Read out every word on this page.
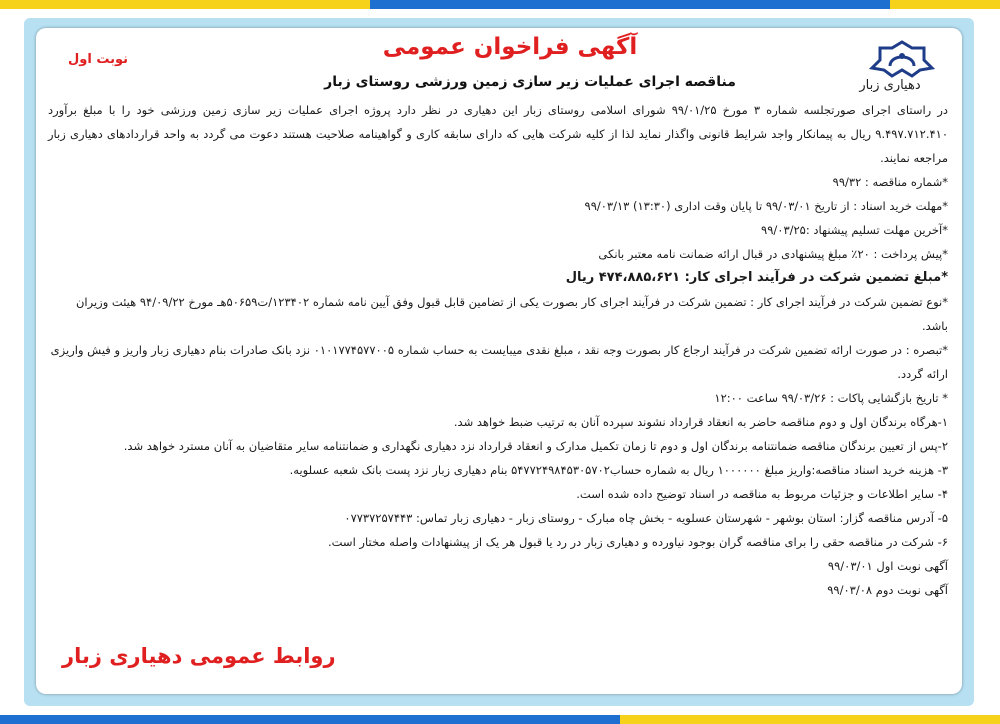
دهیاری زبار
آگهی فراخوان عمومی
نوبت اول
مناقصه اجرای عملیات زیر سازی زمین ورزشی روستای زبار

در راستای اجرای صورتجلسه شماره ۳ مورخ ۹۹/۰۱/۲۵ شورای اسلامی روستای زبار این دهیاری در نظر دارد پروژه اجرای عملیات زیر سازی زمین ورزشی خود را با مبلغ برآورد ۹.۴۹۷.۷۱۲.۴۱۰ ریال به پیمانکار واجد شرایط قانونی واگذار نماید لذا از کلیه شرکت هایی که دارای سابقه کاری و گواهینامه صلاحیت هستند دعوت می گردد به واحد قراردادهای دهیاری زبار مراجعه نمایند.

*شماره مناقصه : ۹۹/۳۲

*مهلت خرید اسناد : از تاریخ ۹۹/۰۳/۰۱ تا پایان وقت اداری (۱۳:۳۰) ۹۹/۰۳/۱۳

*آخرین مهلت تسلیم پیشنهاد :۹۹/۰۳/۲۵

*پیش پرداخت : ۲۰٪ مبلغ پیشنهادی در قبال ارائه ضمانت نامه معتبر بانکی

*مبلغ تضمین شرکت در فرآیند اجرای کار: ۴۷۴،۸۸۵،۶۲۱ ریال

*نوع تضمین شرکت در فرآیند اجرای کار : تضمین شرکت در فرآیند اجرای کار بصورت یکی از تضامین قابل قبول وفق آیین نامه شماره ۱۲۳۴۰۲/ت۵۰۶۵۹هـ مورخ ۹۴/۰۹/۲۲ هیئت وزیران باشد.

*تبصره : در صورت ارائه تضمین شرکت در فرآیند ارجاع کار بصورت وجه نقد ، مبلغ نقدی میبایست به حساب شماره ۰۱۰۱۷۷۴۵۷۷۰۰۵ نزد بانک صادرات بنام دهیاری زبار واریز و فیش واریزی ارائه گردد.

* تاریخ بازگشایی پاکات : ۹۹/۰۳/۲۶ ساعت ۱۲:۰۰

۱-هرگاه برندگان اول و دوم مناقصه حاضر به انعقاد قرارداد نشوند سپرده آنان به ترتیب ضبط خواهد شد.

۲-پس از تعیین برندگان مناقصه ضمانتنامه برندگان اول و دوم تا زمان تکمیل مدارک و انعقاد قرارداد نزد دهیاری نگهداری و ضمانتنامه سایر متقاضیان به آنان مسترد خواهد شد.

۳- هزینه خرید اسناد مناقصه:واریز مبلغ ۱۰۰۰۰۰۰ ریال به شماره حساب۵۴۷۷۲۴۹۸۴۵۳۰۵۷۰۲ بنام دهیاری زبار نزد پست بانک شعبه عسلویه.

۴- سایر اطلاعات و جزئیات مربوط به مناقصه در اسناد توضیح داده شده است.

۵- آدرس مناقصه گزار: استان بوشهر - شهرستان عسلویه - بخش چاه مبارک - روستای زبار - دهیاری زبار تماس: ۰۷۷۳۷۲۵۷۴۴۳

۶- شرکت در مناقصه حقی را برای مناقصه گران بوجود نیاورده و دهیاری زبار در رد یا قبول هر یک از پیشنهادات واصله مختار است.

آگهی نوبت اول ۹۹/۰۳/۰۱

آگهی نوبت دوم ۹۹/۰۳/۰۸

روابط عمومی دهیاری زبار
